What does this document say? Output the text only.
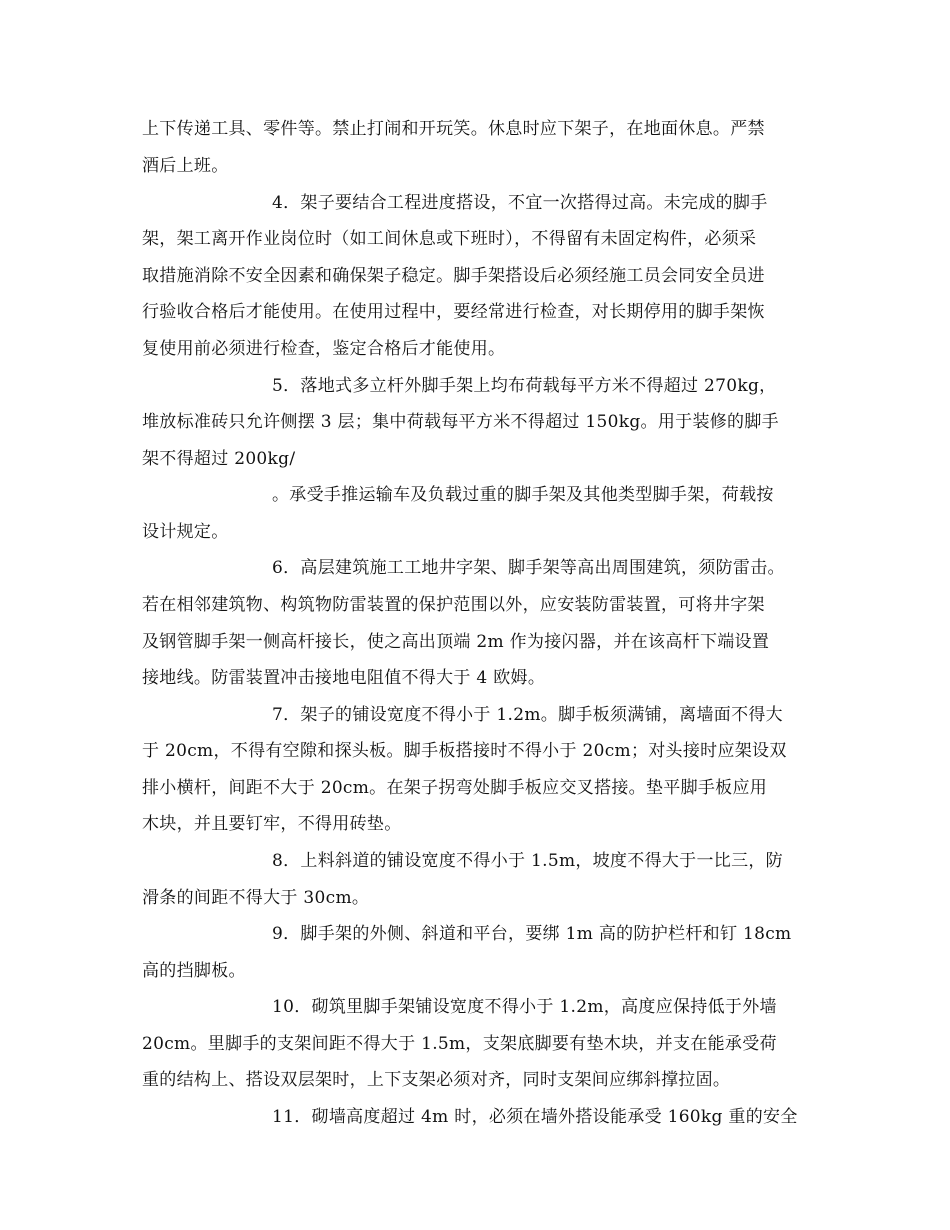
上下传递工具、零件等。禁止打闹和开玩笑。休息时应下架子，在地面休息。严禁
酒后上班。
4．架子要结合工程进度搭设，不宜一次搭得过高。未完成的脚手
架，架工离开作业岗位时（如工间休息或下班时），不得留有未固定构件，必须采
取措施消除不安全因素和确保架子稳定。脚手架搭设后必须经施工员会同安全员进
行验收合格后才能使用。在使用过程中，要经常进行检查，对长期停用的脚手架恢
复使用前必须进行检查，鉴定合格后才能使用。
5．落地式多立杆外脚手架上均布荷载每平方米不得超过 270kg，
堆放标准砖只允许侧摆 3 层；集中荷载每平方米不得超过 150kg。用于装修的脚手
架不得超过 200kg/
。承受手推运输车及负载过重的脚手架及其他类型脚手架，荷载按
设计规定。
6．高层建筑施工工地井字架、脚手架等高出周围建筑，须防雷击。
若在相邻建筑物、构筑物防雷装置的保护范围以外，应安装防雷装置，可将井字架
及钢管脚手架一侧高杆接长，使之高出顶端 2m 作为接闪器，并在该高杆下端设置
接地线。防雷装置冲击接地电阻值不得大于 4 欧姆。
7．架子的铺设宽度不得小于 1.2m。脚手板须满铺，离墙面不得大
于 20cm，不得有空隙和探头板。脚手板搭接时不得小于 20cm；对头接时应架设双
排小横杆，间距不大于 20cm。在架子拐弯处脚手板应交叉搭接。垫平脚手板应用
木块，并且要钉牢，不得用砖垫。
8．上料斜道的铺设宽度不得小于 1.5m，坡度不得大于一比三，防
滑条的间距不得大于 30cm。
9．脚手架的外侧、斜道和平台，要绑 1m 高的防护栏杆和钉 18cm
高的挡脚板。
10．砌筑里脚手架铺设宽度不得小于 1.2m，高度应保持低于外墙
20cm。里脚手的支架间距不得大于 1.5m，支架底脚要有垫木块，并支在能承受荷
重的结构上、搭设双层架时，上下支架必须对齐，同时支架间应绑斜撑拉固。
11．砌墙高度超过 4m 时，必须在墙外搭设能承受 160kg 重的安全
